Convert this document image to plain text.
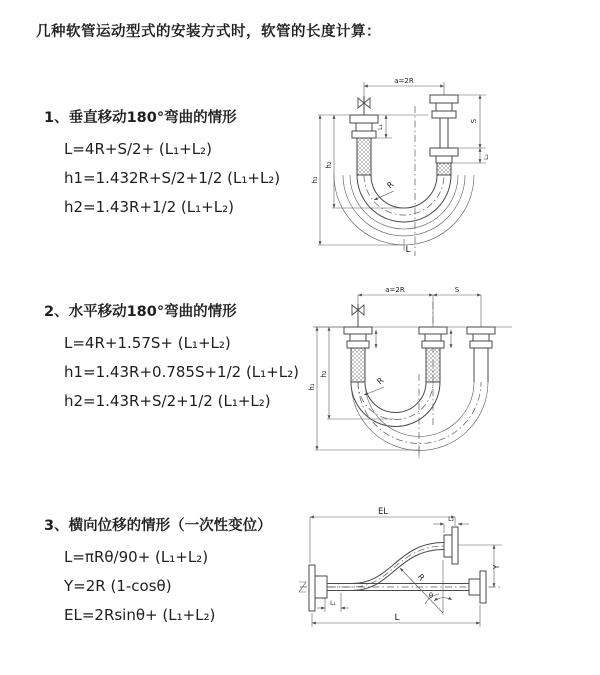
几种软管运动型式的安装方式时，软管的长度计算：
1、垂直移动180°弯曲的情形
L=4R+S/2+ (L₁+L₂)
h1=1.432R+S/2+1/2 (L₁+L₂)
h2=1.43R+1/2 (L₁+L₂)
2、水平移动180°弯曲的情形
L=4R+1.57S+ (L₁+L₂)
h1=1.43R+0.785S+1/2 (L₁+L₂)
h2=1.43R+S/2+1/2 (L₁+L₂)
3、横向位移的情形（一次性变位）
L=πRθ/90+ (L₁+L₂)
Y=2R (1-cosθ)
EL=2Rsinθ+ (L₁+L₂)
a=2R
h₁
h₂
L₁
S
L₂
R
L
a=2R	S
h₁
h₂
R
EL
L₂
Y
R
θ
L₁
L
